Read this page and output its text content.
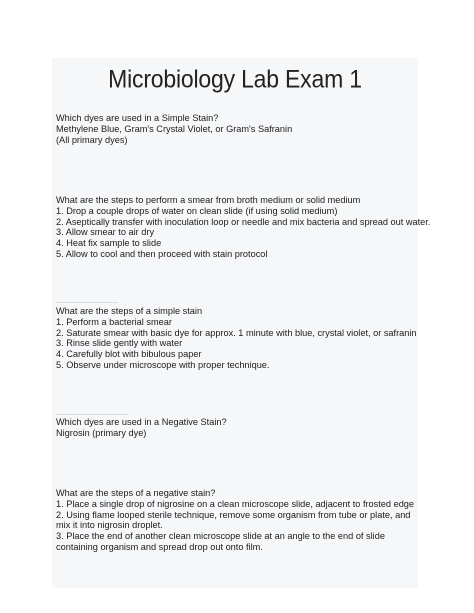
Microbiology Lab Exam 1
Which dyes are used in a Simple Stain?
Methylene Blue, Gram's Crystal Violet, or Gram's Safranin
(All primary dyes)
What are the steps to perform a smear from broth medium or solid medium
1. Drop a couple drops of water on clean slide (if using solid medium)
2. Aseptically transfer with inoculation loop or needle and mix bacteria and spread out water.
3. Allow smear to air dry
4. Heat fix sample to slide
5. Allow to cool and then proceed with stain protocol
What are the steps of a simple stain
1. Perform a bacterial smear
2. Saturate smear with basic dye for approx. 1 minute with blue, crystal violet, or safranin
3. Rinse slide gently with water
4. Carefully blot with bibulous paper
5. Observe under microscope with proper technique.
Which dyes are used in a Negative Stain?
Nigrosin (primary dye)
What are the steps of a negative stain?
1. Place a single drop of nigrosine on a clean microscope slide, adjacent to frosted edge
2. Using flame looped sterile technique, remove some organism from tube or plate, and mix it into nigrosin droplet.
3. Place the end of another clean microscope slide at an angle to the end of slide containing organism and spread drop out onto film.
